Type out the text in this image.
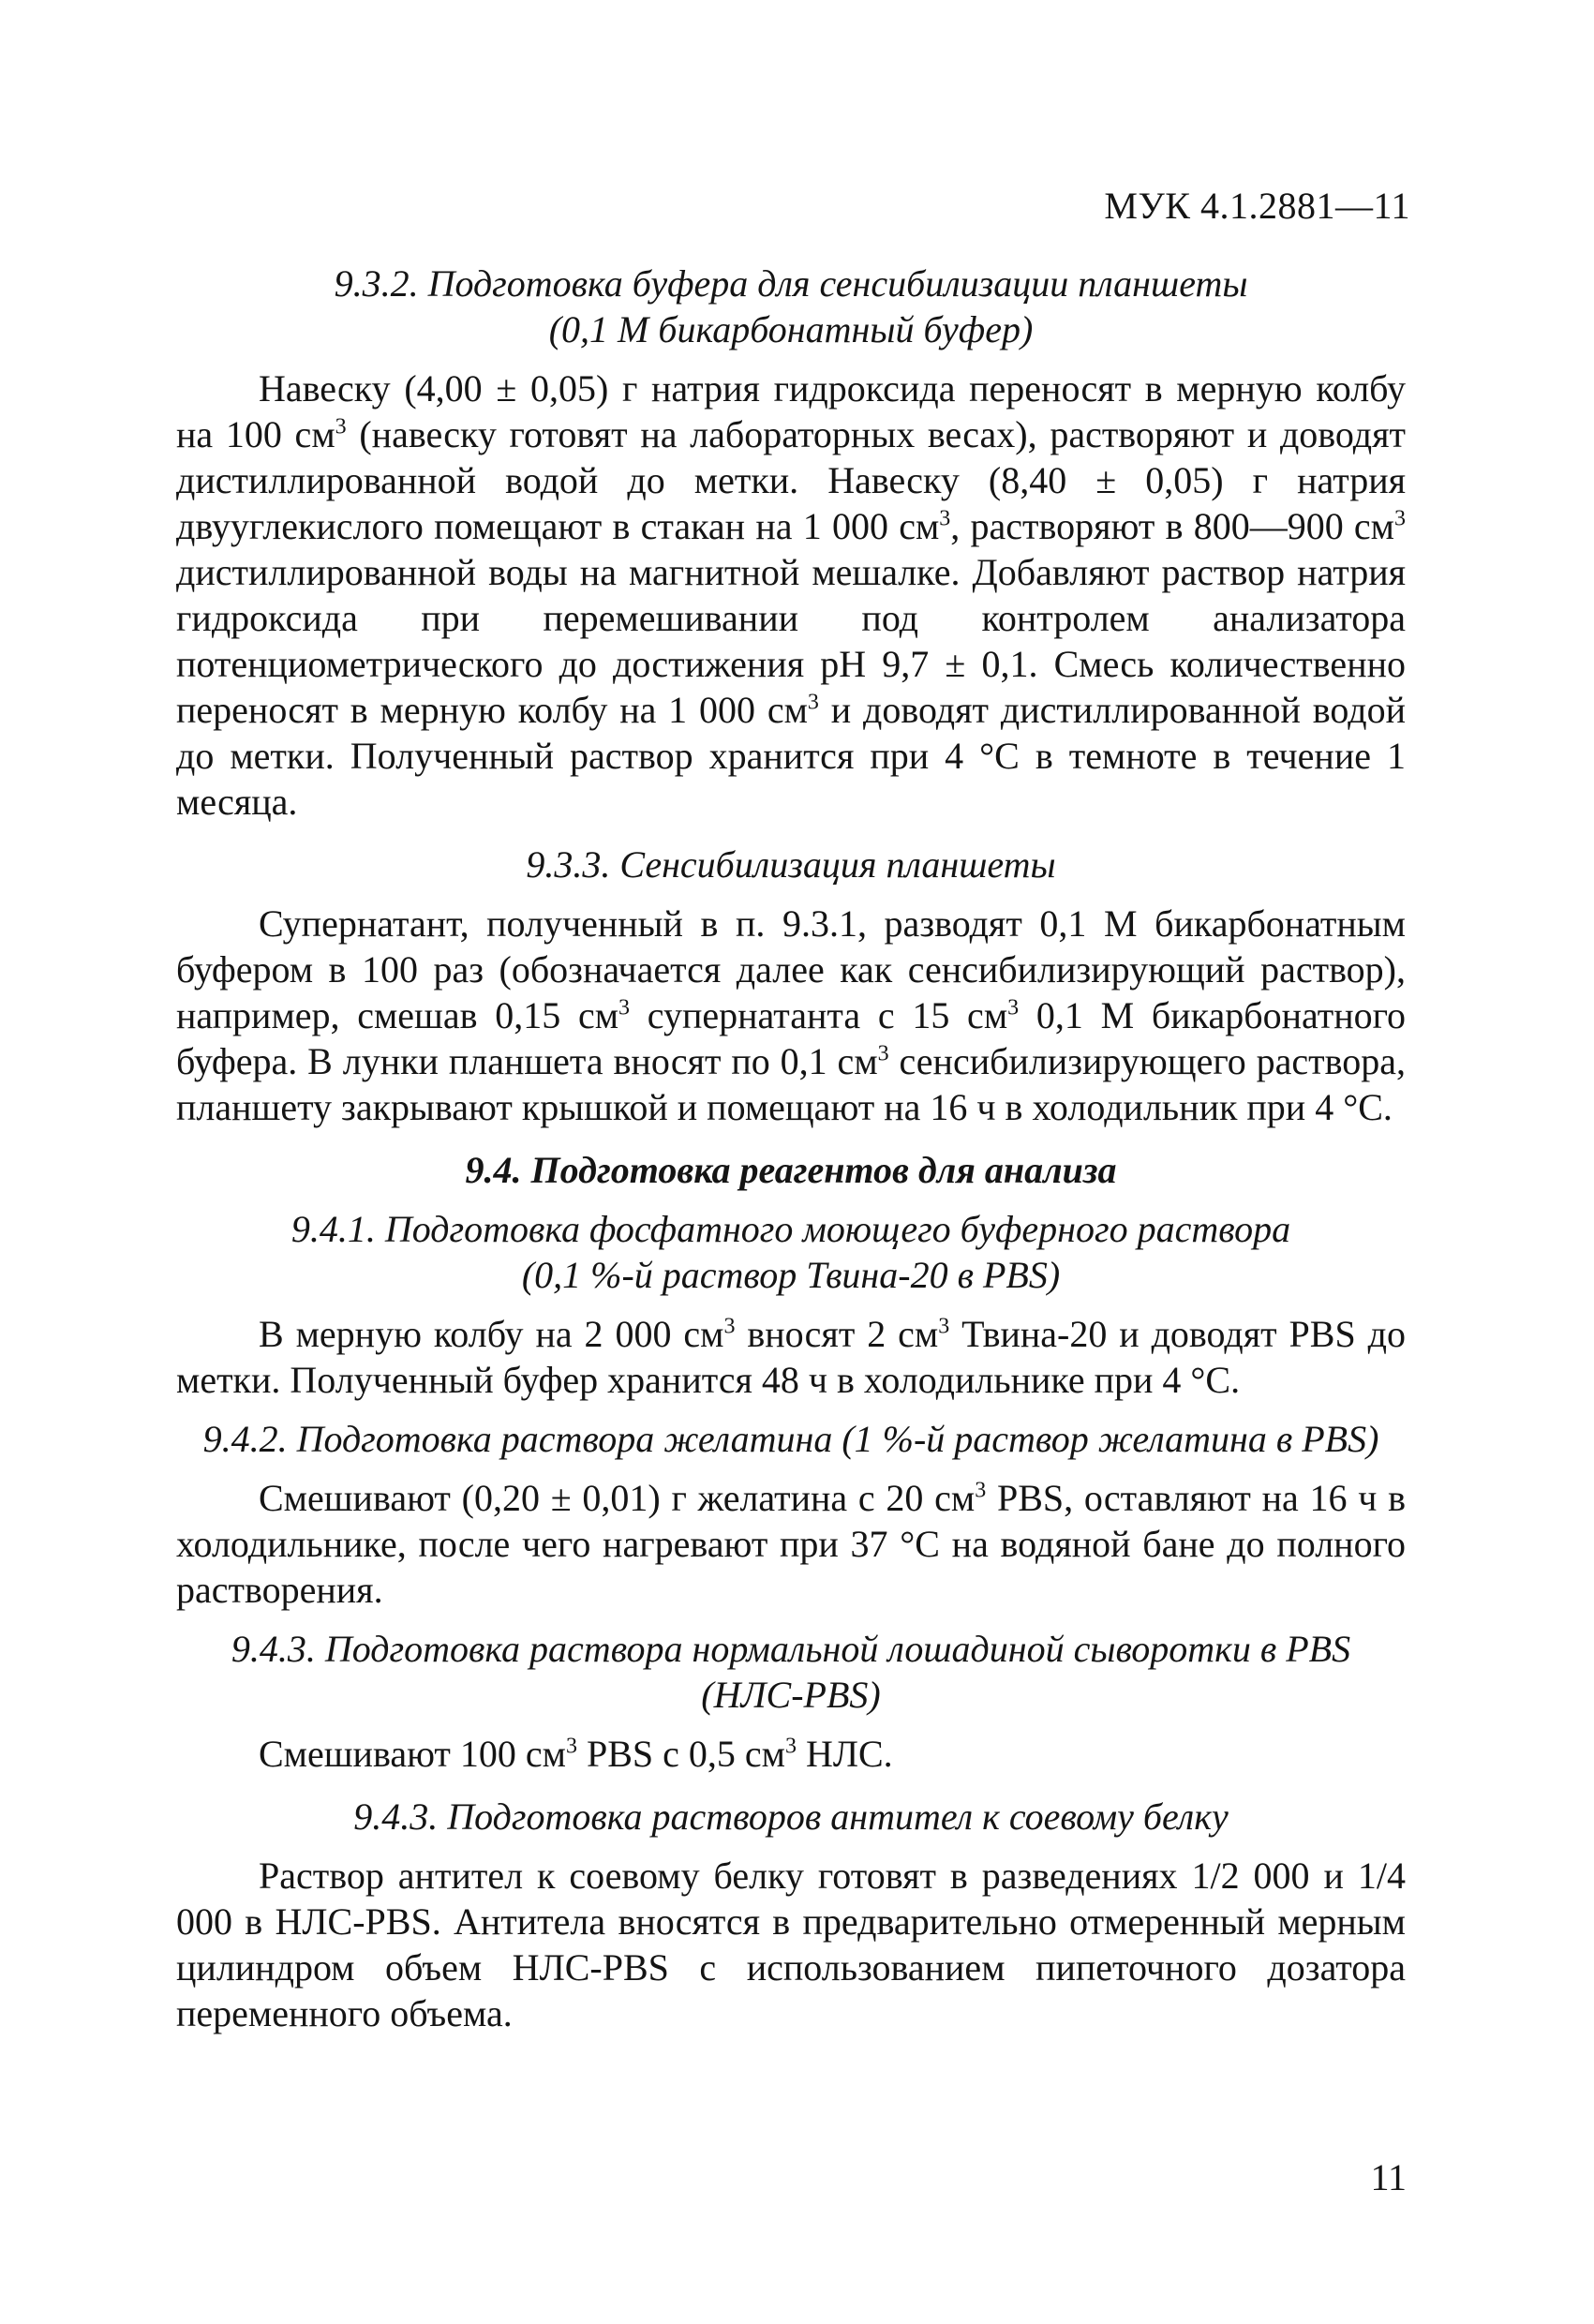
МУК 4.1.2881—11

9.3.2. Подготовка буфера для сенсибилизации планшеты
(0,1 М бикарбонатный буфер)

Навеску (4,00 ± 0,05) г натрия гидроксида переносят в мерную колбу на 100 $см^3$ (навеску готовят на лабораторных весах), растворяют и доводят дистиллированной водой до метки. Навеску (8,40 ± 0,05) г натрия двууглекислого помещают в стакан на 1 000 $см^3$, растворяют в 800—900 $см^3$ дистиллированной воды на магнитной мешалке. Добавляют раствор натрия гидроксида при перемешивании под контролем анализатора потенциометрического до достижения pH 9,7 ± 0,1. Смесь количественно переносят в мерную колбу на 1 000 $см^3$ и доводят дистиллированной водой до метки. Полученный раствор хранится при 4 °С в темноте в течение 1 месяца.

9.3.3. Сенсибилизация планшеты

Супернатант, полученный в п. 9.3.1, разводят 0,1 М бикарбонатным буфером в 100 раз (обозначается далее как сенсибилизирующий раствор), например, смешав 0,15 $см^3$ супернатанта с 15 $см^3$ 0,1 М бикарбонатного буфера. В лунки планшета вносят по 0,1 $см^3$ сенсибилизирующего раствора, планшету закрывают крышкой и помещают на 16 ч в холодильник при 4 °С.

9.4. Подготовка реагентов для анализа

9.4.1. Подготовка фосфатного моющего буферного раствора
(0,1 %-й раствор Твина-20 в PBS)

В мерную колбу на 2 000 $см^3$ вносят 2 $см^3$ Твина-20 и доводят PBS до метки. Полученный буфер хранится 48 ч в холодильнике при 4 °С.

9.4.2. Подготовка раствора желатина (1 %-й раствор желатина в PBS)

Смешивают (0,20 ± 0,01) г желатина с 20 $см^3$ PBS, оставляют на 16 ч в холодильнике, после чего нагревают при 37 °С на водяной бане до полного растворения.

9.4.3. Подготовка раствора нормальной лошадиной сыворотки в PBS
(НЛС-PBS)

Смешивают 100 $см^3$ PBS с 0,5 $см^3$ НЛС.

9.4.3. Подготовка растворов антител к соевому белку

Раствор антител к соевому белку готовят в разведениях 1/2 000 и 1/4 000 в НЛС-PBS. Антитела вносятся в предварительно отмеренный мерным цилиндром объем НЛС-PBS с использованием пипеточного дозатора переменного объема.

11
